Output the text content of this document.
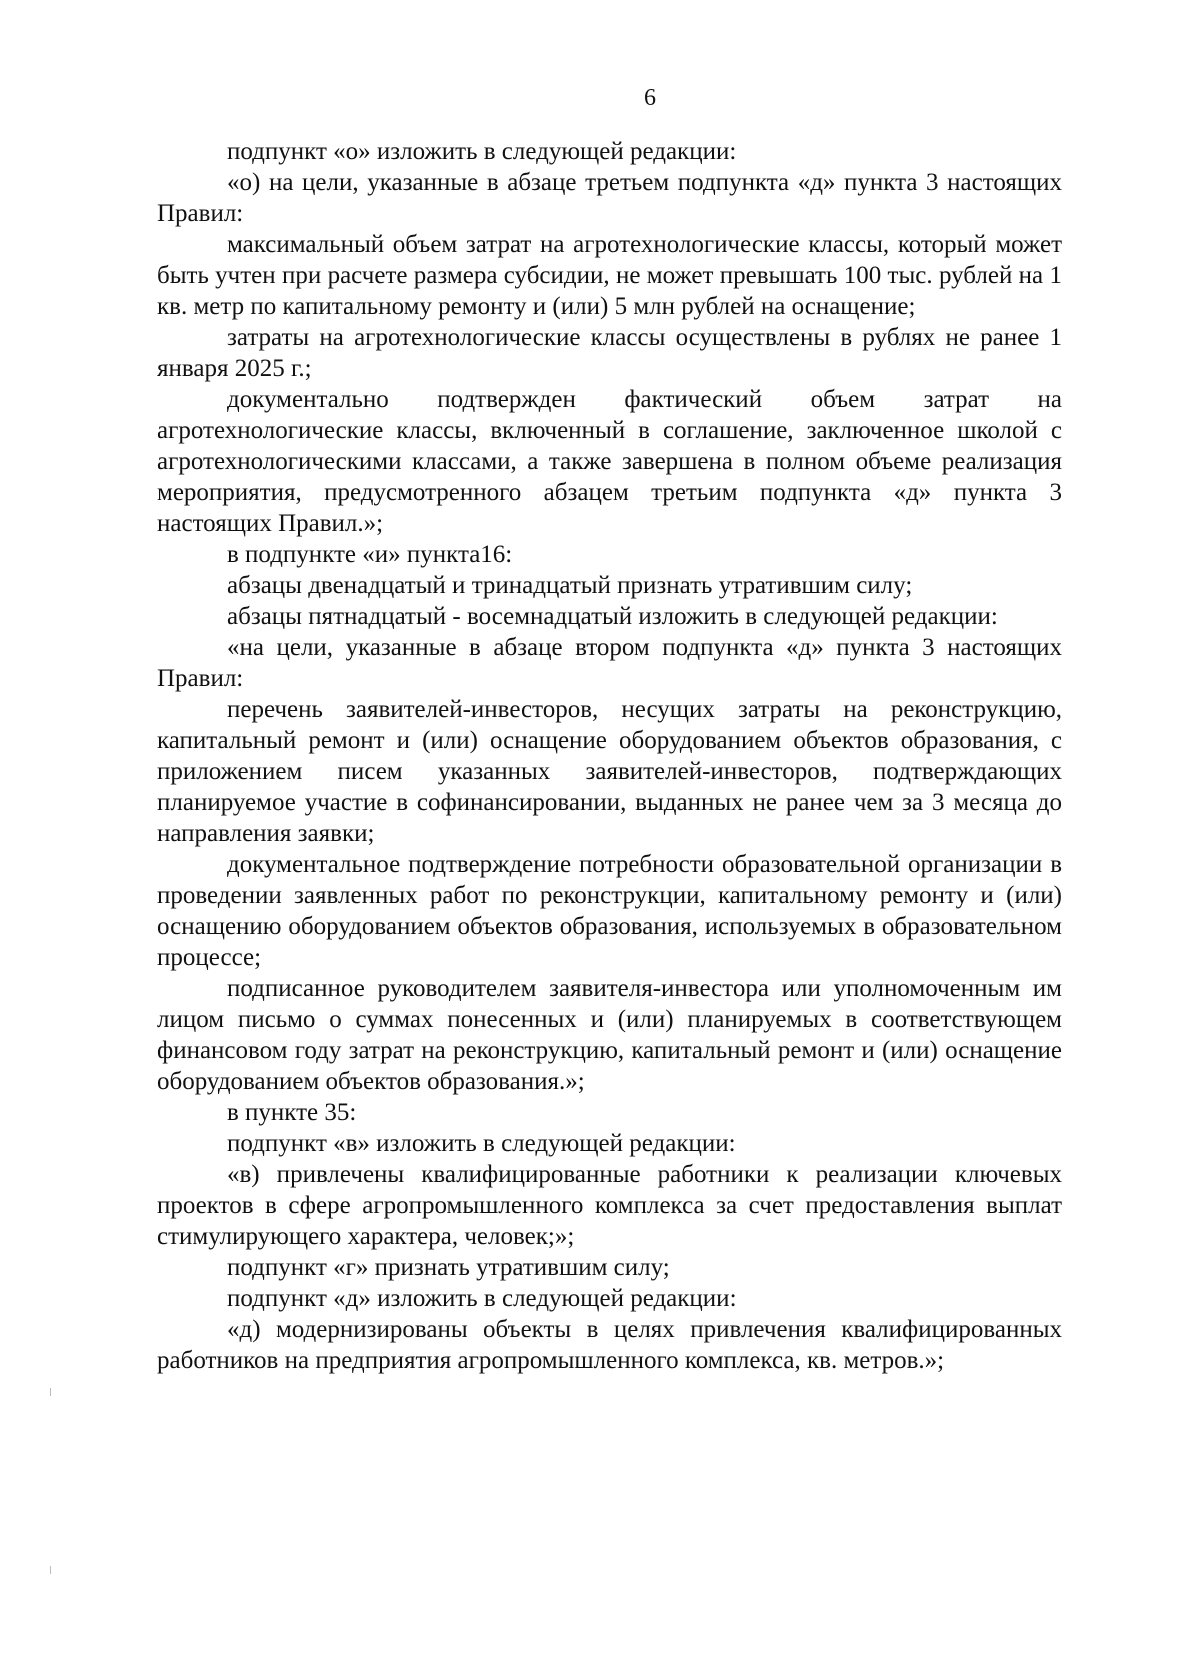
6

подпункт «о» изложить в следующей редакции:

«о) на цели, указанные в абзаце третьем подпункта «д» пункта 3 настоящих Правил:

максимальный объем затрат на агротехнологические классы, который может быть учтен при расчете размера субсидии, не может превышать 100 тыс. рублей на 1 кв. метр по капитальному ремонту и (или) 5 млн рублей на оснащение;

затраты на агротехнологические классы осуществлены в рублях не ранее 1 января 2025 г.;

документально подтвержден фактический объем затрат на агротехнологические классы, включенный в соглашение, заключенное школой с агротехнологическими классами, а также завершена в полном объеме реализация мероприятия, предусмотренного абзацем третьим подпункта «д» пункта 3 настоящих Правил.»;

в подпункте «и» пункта16:

абзацы двенадцатый и тринадцатый признать утратившим силу;

абзацы пятнадцатый - восемнадцатый изложить в следующей редакции:

«на цели, указанные в абзаце втором подпункта «д» пункта 3 настоящих Правил:

перечень заявителей-инвесторов, несущих затраты на реконструкцию, капитальный ремонт и (или) оснащение оборудованием объектов образования, с приложением писем указанных заявителей-инвесторов, подтверждающих планируемое участие в софинансировании, выданных не ранее чем за 3 месяца до направления заявки;

документальное подтверждение потребности образовательной организации в проведении заявленных работ по реконструкции, капитальному ремонту и (или) оснащению оборудованием объектов образования, используемых в образовательном процессе;

подписанное руководителем заявителя-инвестора или уполномоченным им лицом письмо о суммах понесенных и (или) планируемых в соответствующем финансовом году затрат на реконструкцию, капитальный ремонт и (или) оснащение оборудованием объектов образования.»;

в пункте 35:

подпункт «в» изложить в следующей редакции:

«в) привлечены квалифицированные работники к реализации ключевых проектов в сфере агропромышленного комплекса за счет предоставления выплат стимулирующего характера, человек;»;

подпункт «г» признать утратившим силу;

подпункт «д» изложить в следующей редакции:

«д) модернизированы объекты в целях привлечения квалифицированных работников на предприятия агропромышленного комплекса, кв. метров.»;
